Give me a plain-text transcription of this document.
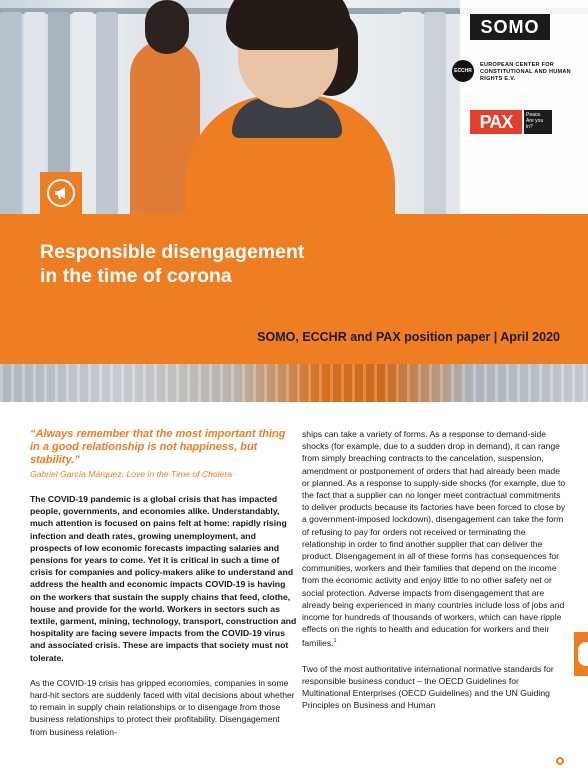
SOMO
ECCHR
EUROPEAN CENTER FOR CONSTITUTIONAL AND HUMAN RIGHTS E.V.
PAX	Peace. Are you in?
Responsible disengagement
in the time of corona
SOMO, ECCHR and PAX position paper | April 2020

“Always remember that the most important thing in a good relationship is not happiness, but stability.”

Gabriel García Márquez, Love in the Time of Cholera

The COVID-19 pandemic is a global crisis that has impacted people, governments, and economies alike. Understandably, much attention is focused on pains felt at home: rapidly rising infection and death rates, growing unemployment, and prospects of low economic forecasts impacting salaries and pensions for years to come. Yet it is critical in such a time of crisis for companies and policy-makers alike to understand and address the health and economic impacts COVID-19 is having on the workers that sustain the supply chains that feed, clothe, house and provide for the world. Workers in sectors such as textile, garment, mining, technology, transport, construction and hospitality are facing severe impacts from the COVID-19 virus and associated crisis. These are impacts that society must not tolerate.

As the COVID-19 crisis has gripped economies, companies in some hard-hit sectors are suddenly faced with vital decisions about whether to remain in supply chain relationships or to disengage from those business relationships to protect their profitability. Disengagement from business relation-

ships can take a variety of forms. As a response to demand-side shocks (for example, due to a sudden drop in demand), it can range from simply breaching contracts to the cancelation, suspension, amendment or postponement of orders that had already been made or planned. As a response to supply-side shocks (for example, due to the fact that a supplier can no longer meet contractual commitments to deliver products because its factories have been forced to close by a government-imposed lockdown), disengagement can take the form of refusing to pay for orders not received or terminating the relationship in order to find another supplier that can deliver the product. Disengagement in all of these forms has consequences for communities, workers and their families that depend on the income from the economic activity and enjoy little to no other safety net or social protection. Adverse impacts from disengagement that are already being experienced in many countries include loss of jobs and income for hundreds of thousands of workers, which can have ripple effects on the rights to health and education for workers and their families.$^1$

Two of the most authoritative international normative standards for responsible business conduct – the OECD Guidelines for Multinational Enterprises (OECD Guidelines) and the UN Guiding Principles on Business and Human
